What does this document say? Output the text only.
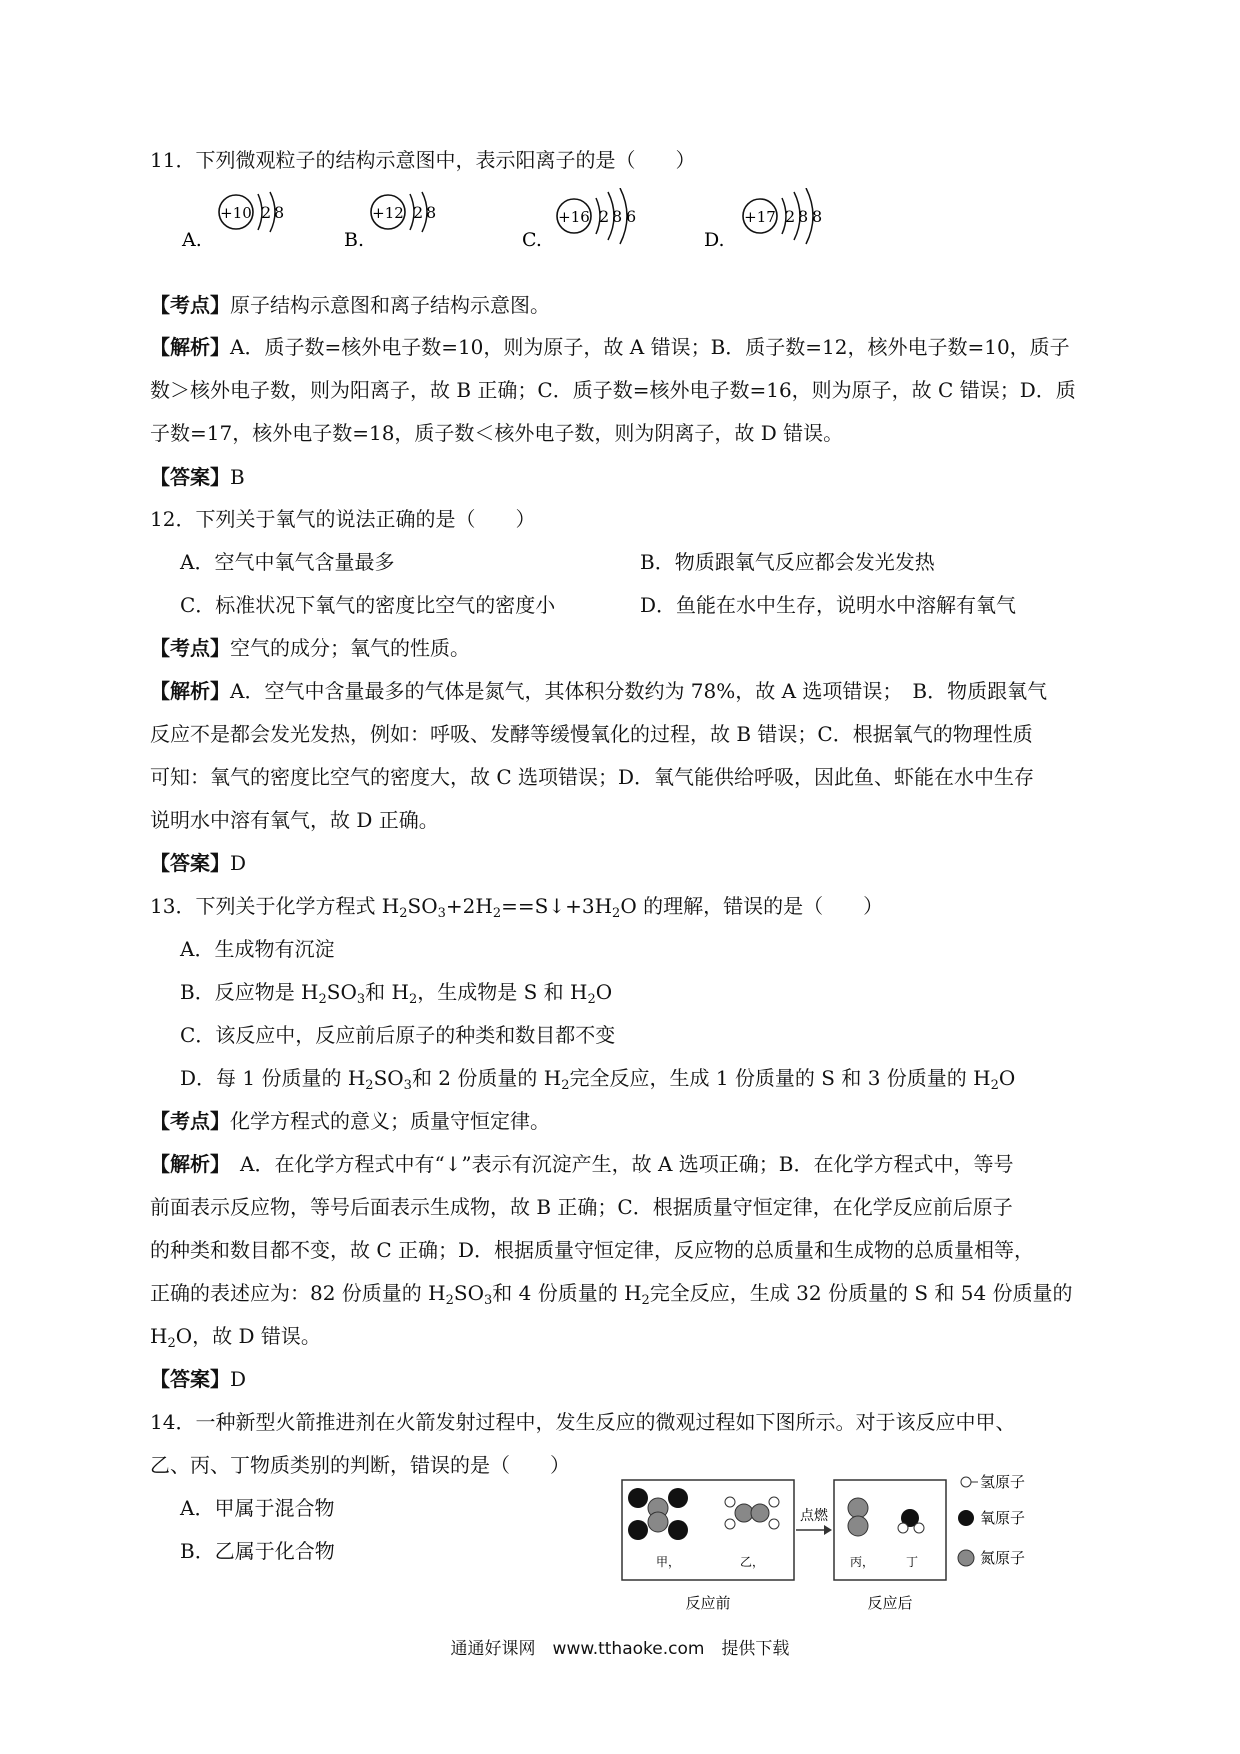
11．下列微观粒子的结构示意图中，表示阳离子的是（　　）
A.
+10 2 8
B.
+12 2 8
C.
+16 2 8 6
D.
+17 2 8 8
【考点】原子结构示意图和离子结构示意图。
【解析】A．质子数=核外电子数=10，则为原子，故 A 错误；B．质子数=12，核外电子数=10，质子
数＞核外电子数，则为阳离子，故 B 正确；C．质子数=核外电子数=16，则为原子，故 C 错误；D．质
子数=17，核外电子数=18，质子数＜核外电子数，则为阴离子，故 D 错误。
【答案】B
12．下列关于氧气的说法正确的是（　　）
A．空气中氧气含量最多	B．物质跟氧气反应都会发光发热
C．标准状况下氧气的密度比空气的密度小	D．鱼能在水中生存，说明水中溶解有氧气
【考点】空气的成分；氧气的性质。
【解析】A．空气中含量最多的气体是氮气，其体积分数约为 78%，故 A 选项错误；　B．物质跟氧气
反应不是都会发光发热，例如：呼吸、发酵等缓慢氧化的过程，故 B 错误；C．根据氧气的物理性质
可知：氧气的密度比空气的密度大，故 C 选项错误；D．氧气能供给呼吸，因此鱼、虾能在水中生存
说明水中溶有氧气，故 D 正确。
【答案】D
13．下列关于化学方程式 $H_2SO_3+2H_2==S↓+3H_2O$ 的理解，错误的是（　　）
A．生成物有沉淀
B．反应物是 $H_2SO_3$和 $H_2$，生成物是 S 和 $H_2O$
C．该反应中，反应前后原子的种类和数目都不变
D．每 1 份质量的 $H_2SO_3$和 2 份质量的 $H_2$完全反应，生成 1 份质量的 S 和 3 份质量的 $H_2O$
【考点】化学方程式的意义；质量守恒定律。
【解析】　A．在化学方程式中有“↓”表示有沉淀产生，故 A 选项正确；B．在化学方程式中，等号
前面表示反应物，等号后面表示生成物，故 B 正确；C．根据质量守恒定律，在化学反应前后原子
的种类和数目都不变，故 C 正确；D．根据质量守恒定律，反应物的总质量和生成物的总质量相等，
正确的表述应为：82 份质量的 $H_2SO_3$和 4 份质量的 $H_2$完全反应，生成 32 份质量的 S 和 54 份质量的
$H_2O$，故 D 错误。
【答案】D
14．一种新型火箭推进剂在火箭发射过程中，发生反应的微观过程如下图所示。对于该反应中甲、
乙、丙、丁物质类别的判断，错误的是（　　）
A．甲属于混合物
B．乙属于化合物	甲，	乙，
点燃
丙，	丁
反应前	反应后
氢原子
氧原子
氮原子
通通好课网　www.tthaoke.com　提供下载
